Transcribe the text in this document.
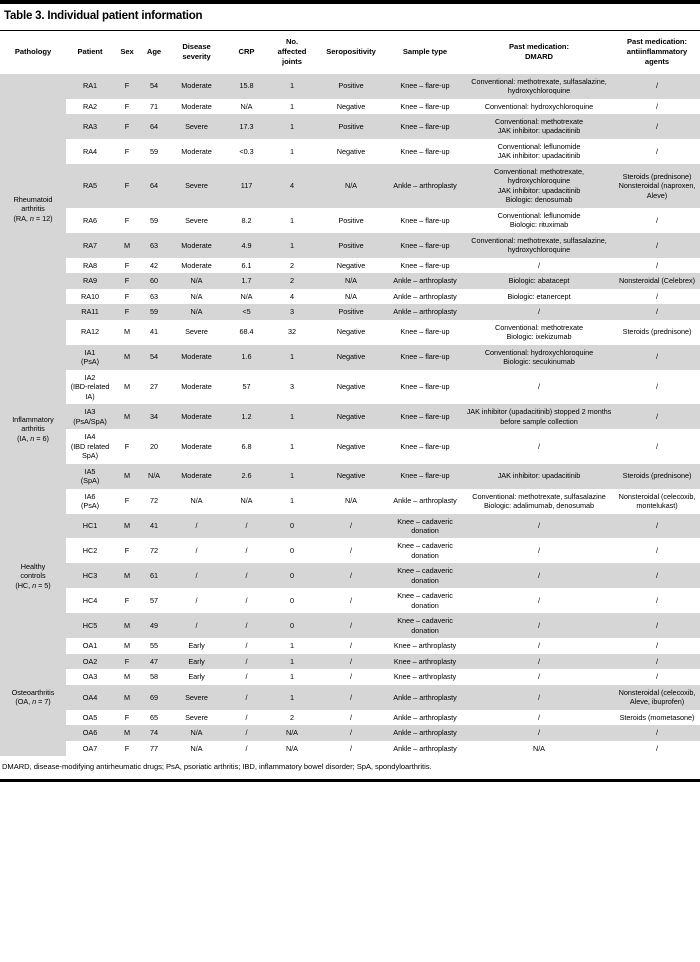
Table 3. Individual patient information
Pathology	Patient	Sex	Age	Disease
severity	CRP	No.
affected
joints	Seropositivity	Sample type	Past medication:
DMARD	Past medication:
antiinflammatory
agents
Rheumatoid
arthritis
(RA, n = 12)	RA1	F	54	Moderate	15.8	1	Positive	Knee – flare-up	Conventional: methotrexate, sulfasalazine, hydroxychloroquine	/
	RA2	F	71	Moderate	N/A	1	Negative	Knee – flare-up	Conventional: hydroxychloroquine	/
	RA3	F	64	Severe	17.3	1	Positive	Knee – flare-up	Conventional: methotrexate
JAK inhibitor: upadacitinib	/
	RA4	F	59	Moderate	<0.3	1	Negative	Knee – flare-up	Conventional: leflunomide
JAK inhibitor: upadacitinib	/
	RA5	F	64	Severe	117	4	N/A	Ankle – arthroplasty	Conventional: methotrexate, hydroxychloroquine
JAK inhibitor: upadacitinib
Biologic: denosumab	Steroids (prednisone)
Nonsteroidal (naproxen, Aleve)
	RA6	F	59	Severe	8.2	1	Positive	Knee – flare-up	Conventional: leflunomide
Biologic: rituximab	/
	RA7	M	63	Moderate	4.9	1	Positive	Knee – flare-up	Conventional: methotrexate, sulfasalazine, hydroxychloroquine	/
	RA8	F	42	Moderate	6.1	2	Negative	Knee – flare-up	/	/
	RA9	F	60	N/A	1.7	2	N/A	Ankle – arthroplasty	Biologic: abatacept	Nonsteroidal (Celebrex)
	RA10	F	63	N/A	N/A	4	N/A	Ankle – arthroplasty	Biologic: etanercept	/
	RA11	F	59	N/A	<5	3	Positive	Ankle – arthroplasty	/	/
	RA12	M	41	Severe	68.4	32	Negative	Knee – flare-up	Conventional: methotrexate
Biologic: ixekizumab	Steroids (prednisone)
Inflammatory
arthritis
(IA, n = 6)	IA1
(PsA)	M	54	Moderate	1.6	1	Negative	Knee – flare-up	Conventional: hydroxychloroquine
Biologic: secukinumab	/
	IA2
(IBD-related IA)	M	27	Moderate	57	3	Negative	Knee – flare-up	/	/
	IA3
(PsA/SpA)	M	34	Moderate	1.2	1	Negative	Knee – flare-up	JAK inhibitor (upadacitinib) stopped 2 months before sample collection	/
	IA4
(IBD related SpA)	F	20	Moderate	6.8	1	Negative	Knee – flare-up	/	/
	IA5
(SpA)	M	N/A	Moderate	2.6	1	Negative	Knee – flare-up	JAK inhibitor: upadacitinib	Steroids (prednisone)
	IA6
(PsA)	F	72	N/A	N/A	1	N/A	Ankle – arthroplasty	Conventional: methotrexate, sulfasalazine
Biologic: adalimumab, denosumab	Nonsteroidal (celecoxib, montelukast)
Healthy
controls
(HC, n = 5)	HC1	M	41	/	/	0	/	Knee – cadaveric donation	/	/
	HC2	F	72	/	/	0	/	Knee – cadaveric donation	/	/
	HC3	M	61	/	/	0	/	Knee – cadaveric donation	/	/
	HC4	F	57	/	/	0	/	Knee – cadaveric donation	/	/
	HC5	M	49	/	/	0	/	Knee – cadaveric donation	/	/
Osteoarthritis
(OA, n = 7)	OA1	M	55	Early	/	1	/	Knee – arthroplasty	/	/
	OA2	F	47	Early	/	1	/	Knee – arthroplasty	/	/
	OA3	M	58	Early	/	1	/	Knee – arthroplasty	/	/
	OA4	M	69	Severe	/	1	/	Ankle – arthroplasty	/	Nonsteroidal (celecoxib, Aleve, ibuprofen)
	OA5	F	65	Severe	/	2	/	Ankle – arthroplasty	/	Steroids (mometasone)
	OA6	M	74	N/A	/	N/A	/	Ankle – arthroplasty	/	/
	OA7	F	77	N/A	/	N/A	/	Ankle – arthroplasty	N/A	/
DMARD, disease-modifying antirheumatic drugs; PsA, psoriatic arthritis; IBD, inflammatory bowel disorder; SpA, spondyloarthritis.
